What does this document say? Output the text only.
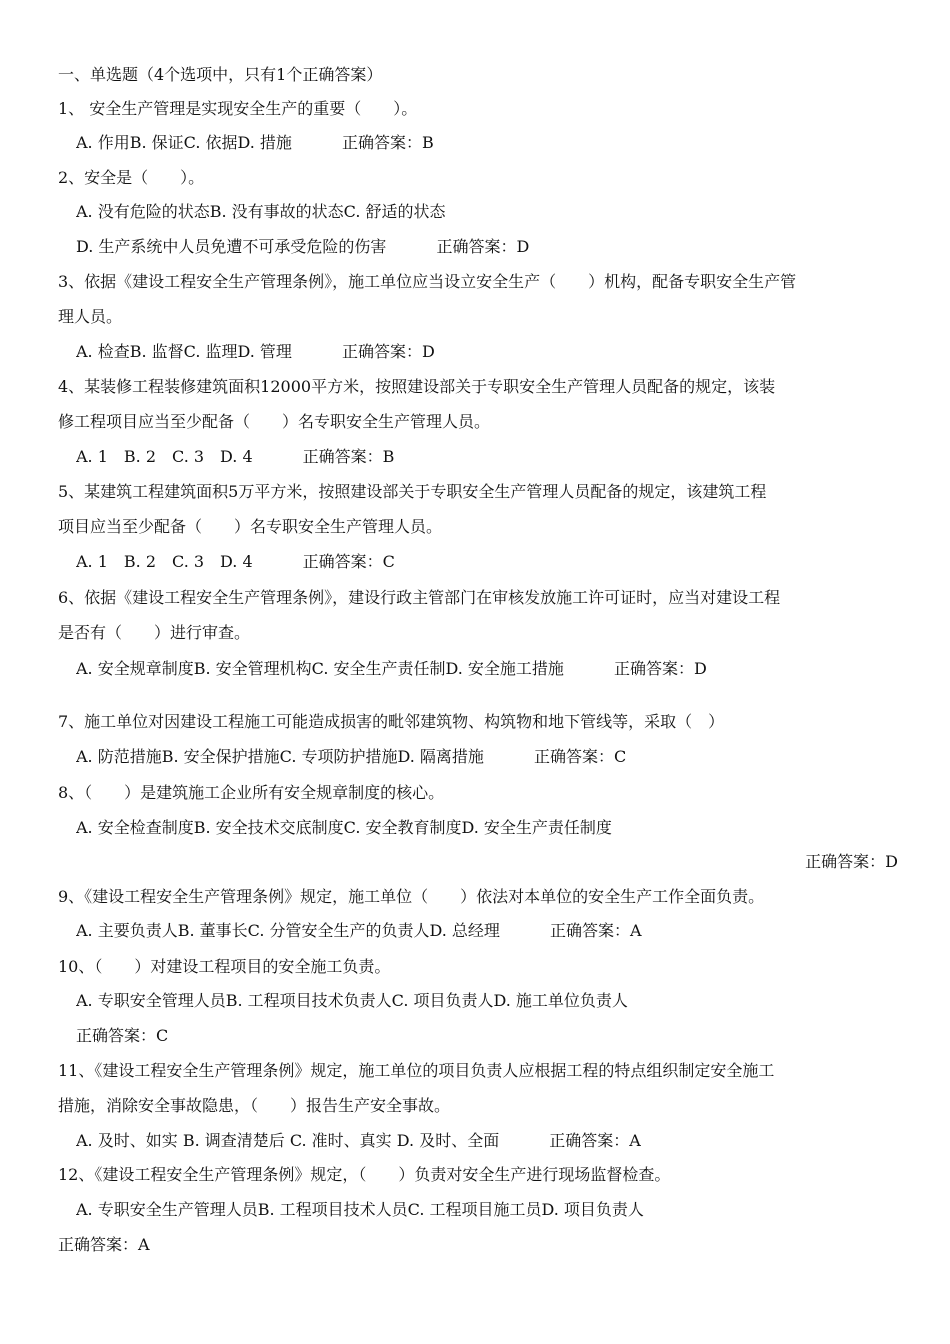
一、单选题（4个选项中，只有1个正确答案）
1、 安全生产管理是实现安全生产的重要（　　）。
A. 作用B. 保证C. 依据D. 措施	正确答案：B
2、安全是（　　）。
A. 没有危险的状态B. 没有事故的状态C. 舒适的状态
D. 生产系统中人员免遭不可承受危险的伤害	正确答案：D
3、依据《建设工程安全生产管理条例》，施工单位应当设立安全生产（　　）机构，配备专职安全生产管
理人员。
A. 检查B. 监督C. 监理D. 管理	正确答案：D
4、某装修工程装修建筑面积12000平方米，按照建设部关于专职安全生产管理人员配备的规定，该装
修工程项目应当至少配备（　　）名专职安全生产管理人员。
A. 1　B. 2　C. 3　D. 4	正确答案：B
5、某建筑工程建筑面积5万平方米，按照建设部关于专职安全生产管理人员配备的规定，该建筑工程
项目应当至少配备（　　）名专职安全生产管理人员。
A. 1　B. 2　C. 3　D. 4	正确答案：C
6、依据《建设工程安全生产管理条例》，建设行政主管部门在审核发放施工许可证时，应当对建设工程
是否有（　　）进行审查。
A. 安全规章制度B. 安全管理机构C. 安全生产责任制D. 安全施工措施	正确答案：D
7、施工单位对因建设工程施工可能造成损害的毗邻建筑物、构筑物和地下管线等，采取（　）
A. 防范措施B. 安全保护措施C. 专项防护措施D. 隔离措施	正确答案：C
8、（　　）是建筑施工企业所有安全规章制度的核心。
A. 安全检查制度B. 安全技术交底制度C. 安全教育制度D. 安全生产责任制度
正确答案：D
9、《建设工程安全生产管理条例》规定，施工单位（　　）依法对本单位的安全生产工作全面负责。
A. 主要负责人B. 董事长C. 分管安全生产的负责人D. 总经理	正确答案：A
10、（　　）对建设工程项目的安全施工负责。
A. 专职安全管理人员B. 工程项目技术负责人C. 项目负责人D. 施工单位负责人
正确答案：C
11、《建设工程安全生产管理条例》规定，施工单位的项目负责人应根据工程的特点组织制定安全施工
措施，消除安全事故隐患，（　　）报告生产安全事故。
A. 及时、如实 B. 调查清楚后 C. 准时、真实 D. 及时、全面	正确答案：A
12、《建设工程安全生产管理条例》规定，（　　）负责对安全生产进行现场监督检查。
A. 专职安全生产管理人员B. 工程项目技术人员C. 工程项目施工员D. 项目负责人
正确答案：A
